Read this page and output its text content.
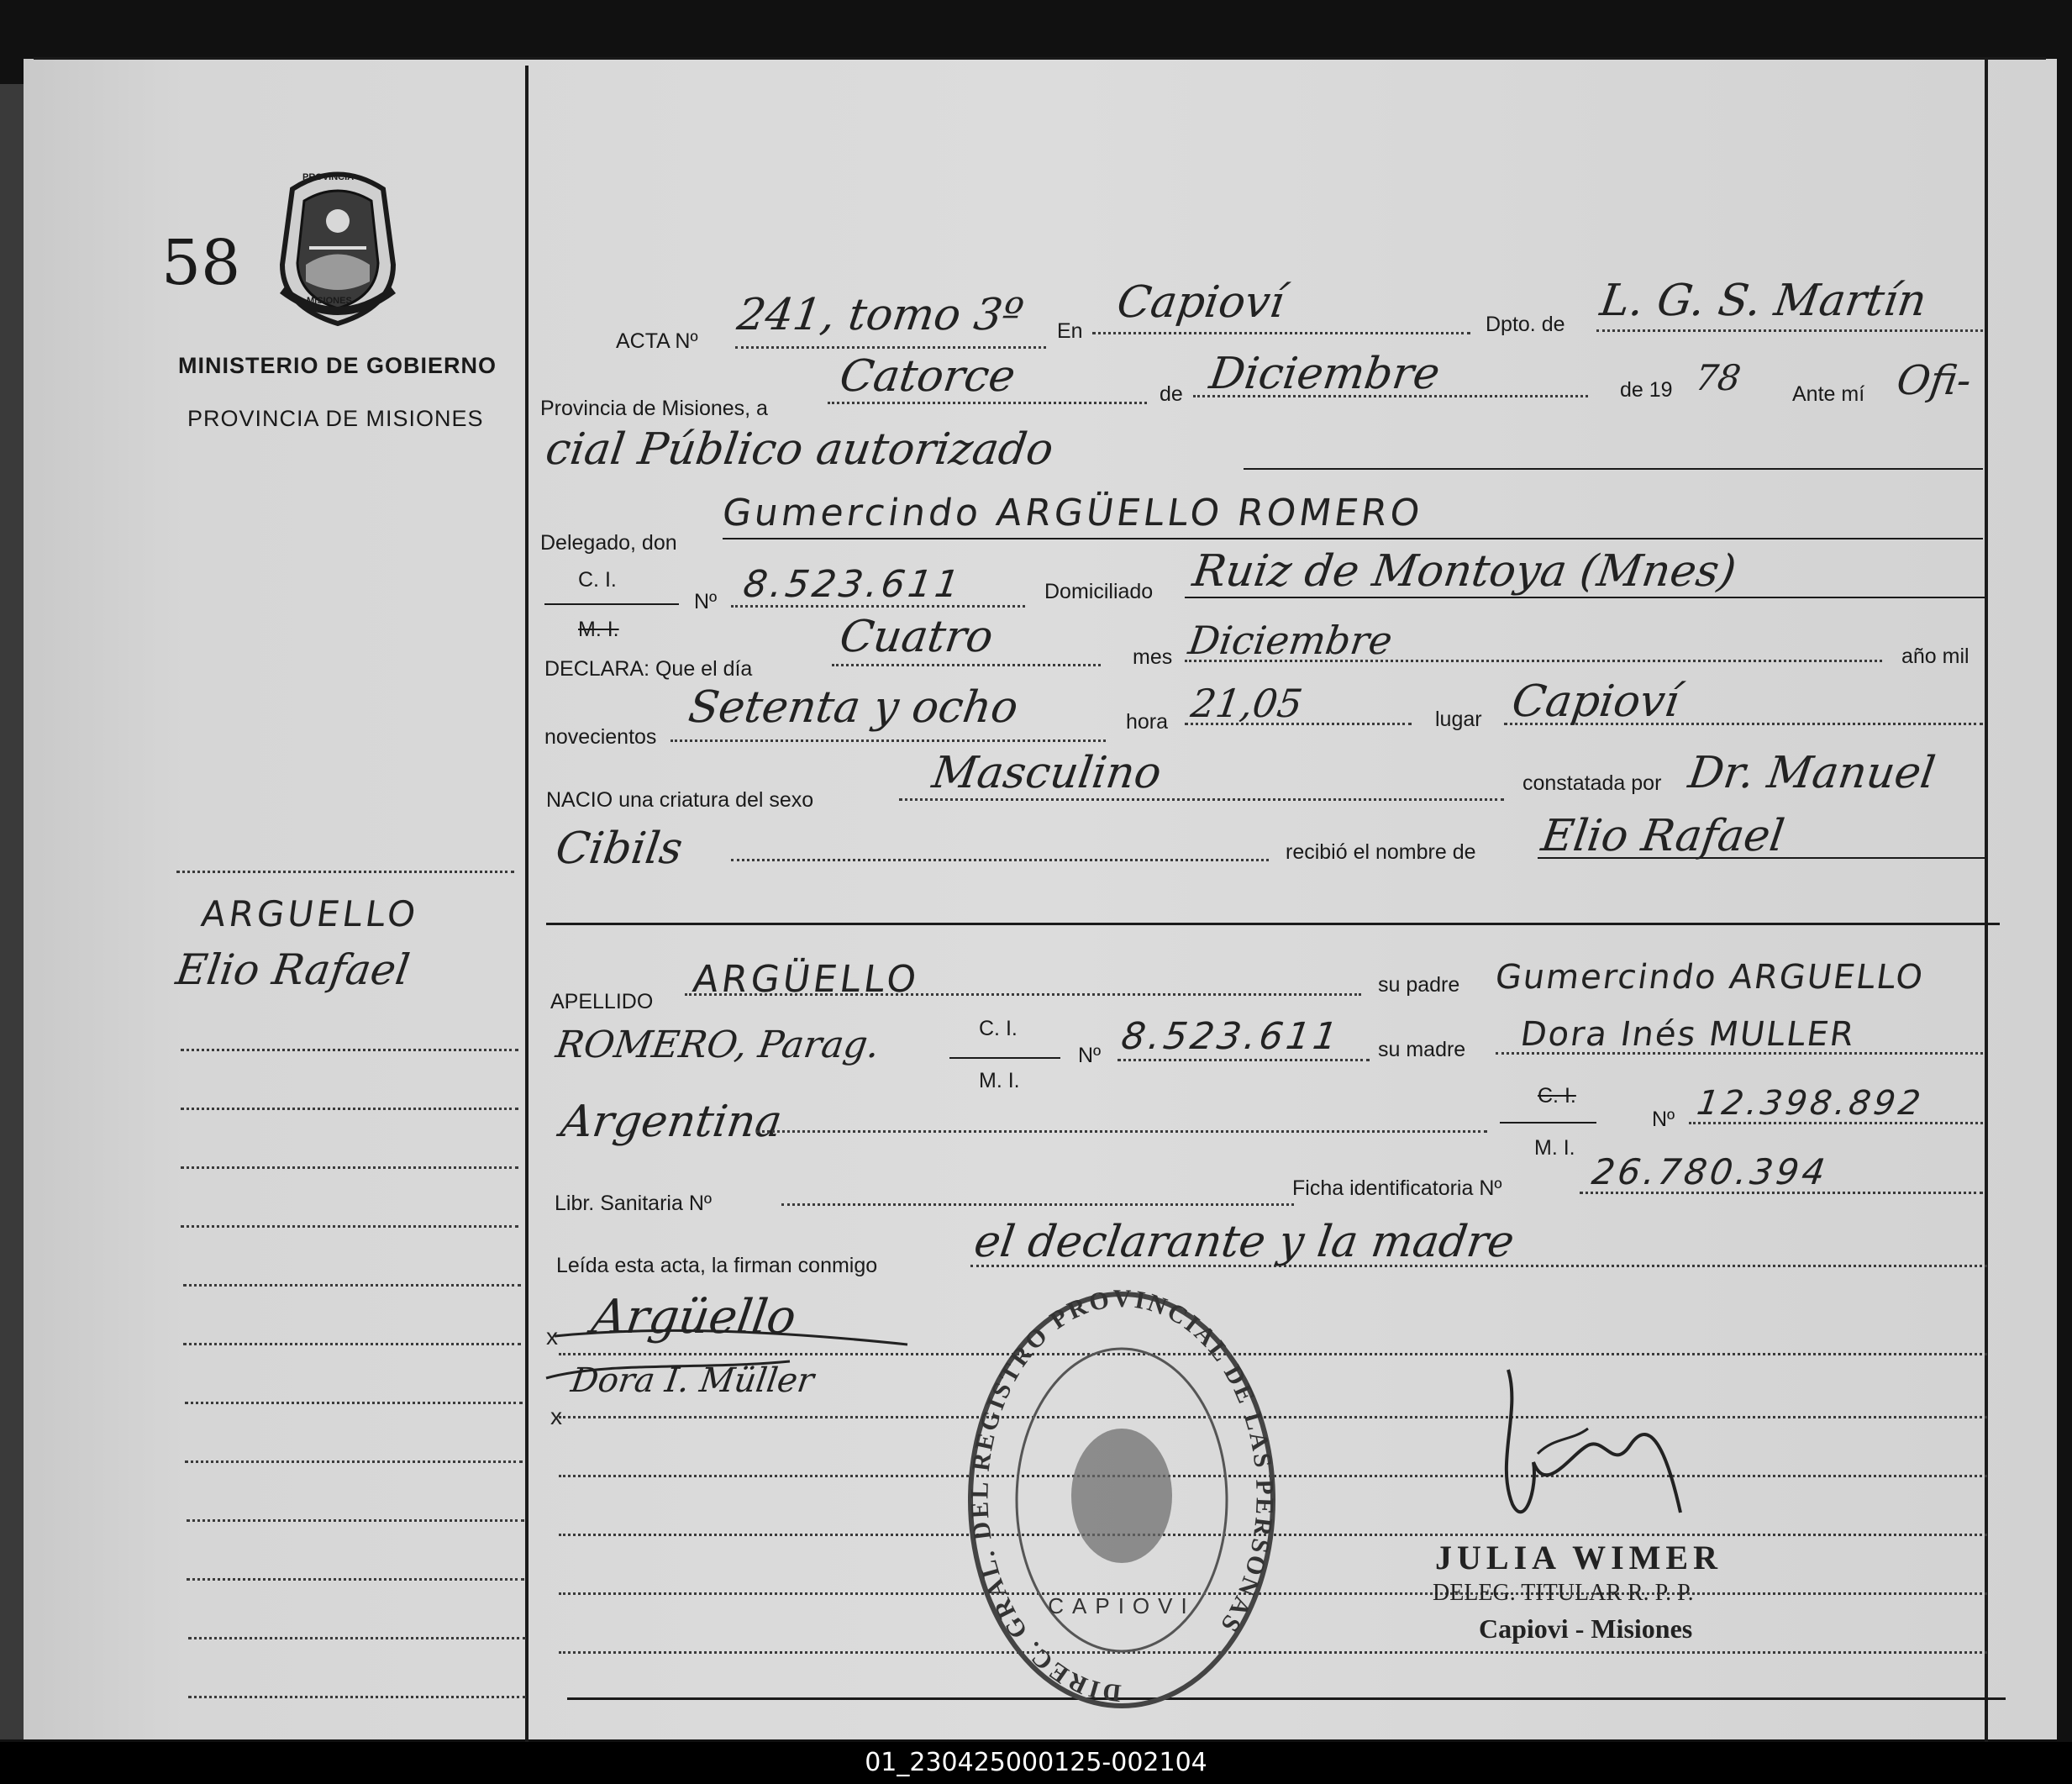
58
PROVINCIA
MISIONES
MINISTERIO DE GOBIERNO
PROVINCIA DE MISIONES
ARGUELLO
Elio Rafael
ACTA Nº
241, tomo 3º En
Capioví	Dpto. de L. G. S. Martín
Provincia de Misiones, a
Catorce	de Diciembre	de 19 78 Ante mí Ofi-
cial Público autorizado
Delegado, don
Gumercindo ARGÜELLO ROMERO
C. I.
M. I.
Nº 8.523.611	Domiciliado Ruiz de Montoya (Mnes)
DECLARA: Que el día
Cuatro	mes Diciembre	año mil
novecientos
Setenta y ocho	hora 21,05	lugar Capioví
NACIO una criatura del sexo
Masculino	constatada por Dr. Manuel
Cibils	recibió el nombre de Elio Rafael
APELLIDO
ARGÜELLO	su padre Gumercindo ARGUELLO
ROMERO, Parag.	C. I.
M. I.
Nº 8.523.611 su madre Dora Inés MULLER
Argentina
C. I.
M. I.
Nº 12.398.892
Libr. Sanitaria Nº
Ficha identificatoria Nº 26.780.394
Leída esta acta, la firman conmigo el declarante y la madre
Argüello
Dora I. Müller
x
x
DIREC. GRAL. DEL REGISTRO PROVINCIAL DE LAS PERSONAS
CAPIOVI
JULIA WIMER
DELEG. TITULAR R. P. P.
Capiovi - Misiones
01_230425000125-002104
